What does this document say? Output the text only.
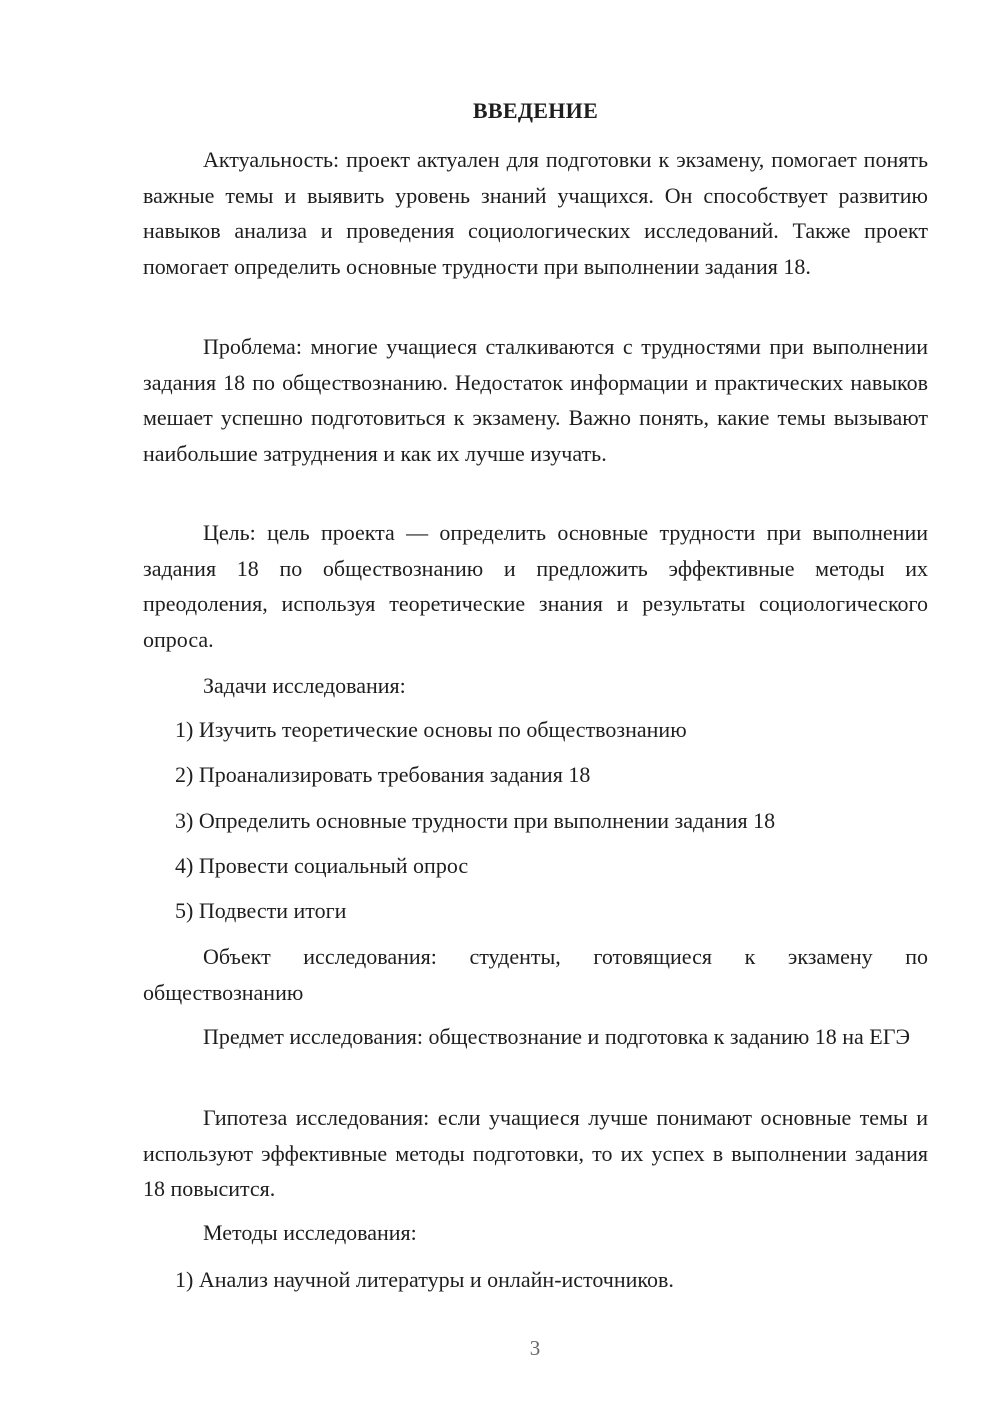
ВВЕДЕНИЕ

Актуальность: проект актуален для подготовки к экзамену, помогает понять важные темы и выявить уровень знаний учащихся. Он способствует развитию навыков анализа и проведения социологических исследований. Также проект помогает определить основные трудности при выполнении задания 18.

Проблема: многие учащиеся сталкиваются с трудностями при выполнении задания 18 по обществознанию. Недостаток информации и практических навыков мешает успешно подготовиться к экзамену. Важно понять, какие темы вызывают наибольшие затруднения и как их лучше изучать.

Цель: цель проекта — определить основные трудности при выполнении задания 18 по обществознанию и предложить эффективные методы их преодоления, используя теоретические знания и результаты социологического опроса.

Задачи исследования:

1) Изучить теоретические основы по обществознанию

2) Проанализировать требования задания 18

3) Определить основные трудности при выполнении задания 18

4) Провести социальный опрос

5) Подвести итоги

Объект исследования: студенты, готовящиеся к экзамену по обществознанию

Предмет исследования: обществознание и подготовка к заданию 18 на ЕГЭ

Гипотеза исследования: если учащиеся лучше понимают основные темы и используют эффективные методы подготовки, то их успех в выполнении задания 18 повысится.

Методы исследования:

1) Анализ научной литературы и онлайн-источников.

3
